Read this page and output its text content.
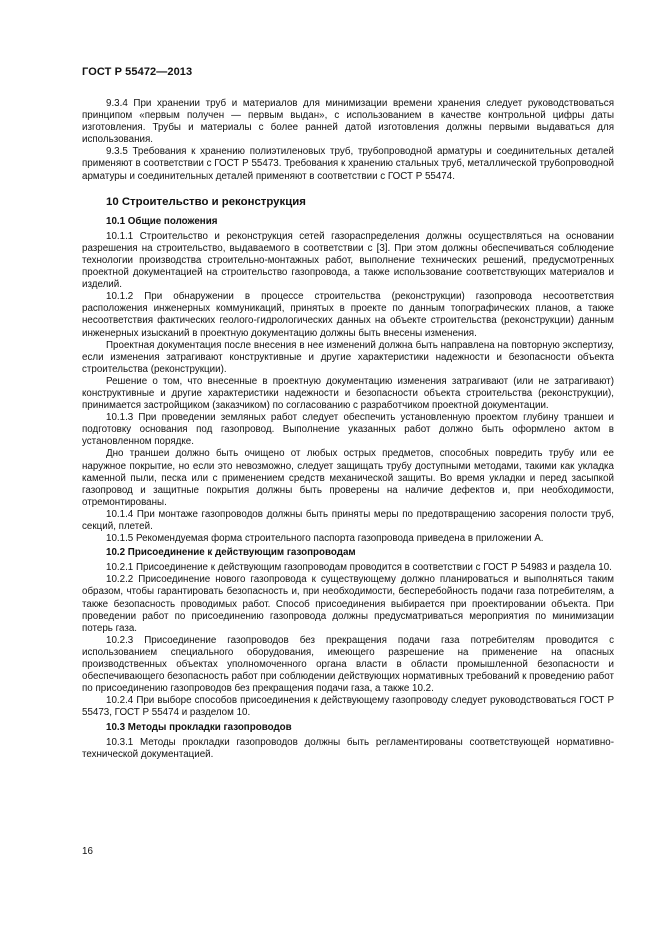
ГОСТ Р 55472—2013

9.3.4 При хранении труб и материалов для минимизации времени хранения следует руководствоваться принципом «первым получен — первым выдан», с использованием в качестве контрольной цифры даты изготовления. Трубы и материалы с более ранней датой изготовления должны первыми выдаваться для использования.

9.3.5 Требования к хранению полиэтиленовых труб, трубопроводной арматуры и соединительных деталей применяют в соответствии с ГОСТ Р 55473. Требования к хранению стальных труб, металлической трубопроводной арматуры и соединительных деталей применяют в соответствии с ГОСТ Р 55474.

10 Строительство и реконструкция
10.1 Общие положения

10.1.1 Строительство и реконструкция сетей газораспределения должны осуществляться на основании разрешения на строительство, выдаваемого в соответствии с [3]. При этом должны обеспечиваться соблюдение технологии производства строительно-монтажных работ, выполнение технических решений, предусмотренных проектной документацией на строительство газопровода, а также использование соответствующих материалов и изделий.

10.1.2 При обнаружении в процессе строительства (реконструкции) газопровода несоответствия расположения инженерных коммуникаций, принятых в проекте по данным топографических планов, а также несоответствия фактических геолого-гидрологических данных на объекте строительства (реконструкции) данным инженерных изысканий в проектную документацию должны быть внесены изменения.

Проектная документация после внесения в нее изменений должна быть направлена на повторную экспертизу, если изменения затрагивают конструктивные и другие характеристики надежности и безопасности объекта строительства (реконструкции).

Решение о том, что внесенные в проектную документацию изменения затрагивают (или не затрагивают) конструктивные и другие характеристики надежности и безопасности объекта строительства (реконструкции), принимается застройщиком (заказчиком) по согласованию с разработчиком проектной документации.

10.1.3 При проведении земляных работ следует обеспечить установленную проектом глубину траншеи и подготовку основания под газопровод. Выполнение указанных работ должно быть оформлено актом в установленном порядке.

Дно траншеи должно быть очищено от любых острых предметов, способных повредить трубу или ее наружное покрытие, но если это невозможно, следует защищать трубу доступными методами, такими как укладка каменной пыли, песка или с применением средств механической защиты. Во время укладки и перед засыпкой газопровод и защитные покрытия должны быть проверены на наличие дефектов и, при необходимости, отремонтированы.

10.1.4 При монтаже газопроводов должны быть приняты меры по предотвращению засорения полости труб, секций, плетей.

10.1.5 Рекомендуемая форма строительного паспорта газопровода приведена в приложении А.

10.2 Присоединение к действующим газопроводам

10.2.1 Присоединение к действующим газопроводам проводится в соответствии с ГОСТ Р 54983 и раздела 10.

10.2.2 Присоединение нового газопровода к существующему должно планироваться и выполняться таким образом, чтобы гарантировать безопасность и, при необходимости, бесперебойность подачи газа потребителям, а также безопасность проводимых работ. Способ присоединения выбирается при проектировании объекта. При проведении работ по присоединению газопровода должны предусматриваться мероприятия по минимизации потерь газа.

10.2.3 Присоединение газопроводов без прекращения подачи газа потребителям проводится с использованием специального оборудования, имеющего разрешение на применение на опасных производственных объектах уполномоченного органа власти в области промышленной безопасности и обеспечивающего безопасность работ при соблюдении действующих нормативных требований к проведению работ по присоединению газопроводов без прекращения подачи газа, а также 10.2.

10.2.4 При выборе способов присоединения к действующему газопроводу следует руководствоваться ГОСТ Р 55473, ГОСТ Р 55474 и разделом 10.

10.3 Методы прокладки газопроводов

10.3.1 Методы прокладки газопроводов должны быть регламентированы соответствующей нормативно-технической документацией.

16
